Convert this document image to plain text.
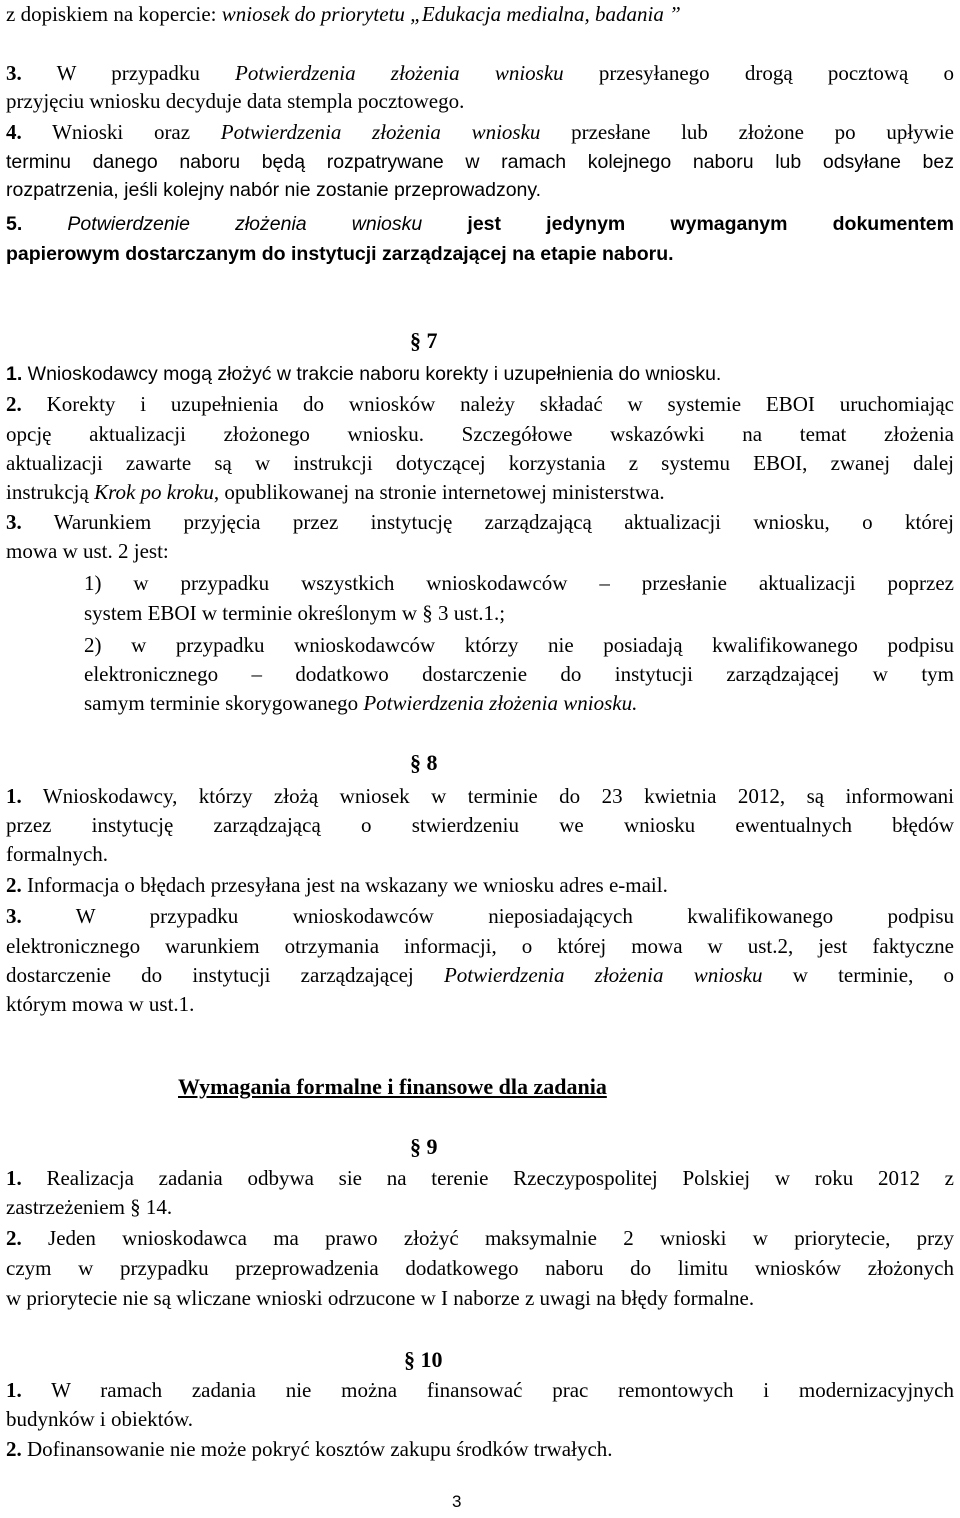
z dopiskiem na kopercie: wniosek do priorytetu „Edukacja medialna, badania ”
3. W przypadku Potwierdzenia złożenia wniosku przesyłanego drogą pocztową o
przyjęciu wniosku decyduje data stempla pocztowego.
4. Wnioski oraz Potwierdzenia złożenia wniosku przesłane lub złożone po upływie
terminu danego naboru będą rozpatrywane w ramach kolejnego naboru lub odsyłane bez
rozpatrzenia, jeśli kolejny nabór nie zostanie przeprowadzony.
5. Potwierdzenie złożenia wniosku jest jedynym wymaganym dokumentem
papierowym dostarczanym do instytucji zarządzającej na etapie naboru.
§ 7
1. Wnioskodawcy mogą złożyć w trakcie naboru korekty i uzupełnienia do wniosku.
2. Korekty i uzupełnienia do wniosków należy składać w systemie EBOI uruchomiając
opcję aktualizacji złożonego wniosku. Szczegółowe wskazówki na temat złożenia
aktualizacji zawarte są w instrukcji dotyczącej korzystania z systemu EBOI, zwanej dalej
instrukcją Krok po kroku, opublikowanej na stronie internetowej ministerstwa.
3. Warunkiem przyjęcia przez instytucję zarządzającą aktualizacji wniosku, o której
mowa w ust. 2 jest:
1) w przypadku wszystkich wnioskodawców – przesłanie aktualizacji poprzez
system EBOI w terminie określonym w § 3 ust.1.;
2) w przypadku wnioskodawców którzy nie posiadają kwalifikowanego podpisu
elektronicznego – dodatkowo dostarczenie do instytucji zarządzającej w tym
samym terminie skorygowanego Potwierdzenia złożenia wniosku.
§ 8
1. Wnioskodawcy, którzy złożą wniosek w terminie do 23 kwietnia 2012, są informowani
przez instytucję zarządzającą o stwierdzeniu we wniosku ewentualnych błędów
formalnych.
2. Informacja o błędach przesyłana jest na wskazany we wniosku adres e-mail.
3. W przypadku wnioskodawców nieposiadających kwalifikowanego podpisu
elektronicznego warunkiem otrzymania informacji, o której mowa w ust.2, jest faktyczne
dostarczenie do instytucji zarządzającej Potwierdzenia złożenia wniosku w terminie, o
którym mowa w ust.1.
Wymagania formalne i finansowe dla zadania
§ 9
1. Realizacja zadania odbywa sie na terenie Rzeczypospolitej Polskiej w roku 2012 z
zastrzeżeniem § 14.
2. Jeden wnioskodawca ma prawo złożyć maksymalnie 2 wnioski w priorytecie, przy
czym w przypadku przeprowadzenia dodatkowego naboru do limitu wniosków złożonych
w priorytecie nie są wliczane wnioski odrzucone w I naborze z uwagi na błędy formalne.
§ 10
1. W ramach zadania nie można finansować prac remontowych i modernizacyjnych
budynków i obiektów.
2. Dofinansowanie nie może pokryć kosztów zakupu środków trwałych.
3
